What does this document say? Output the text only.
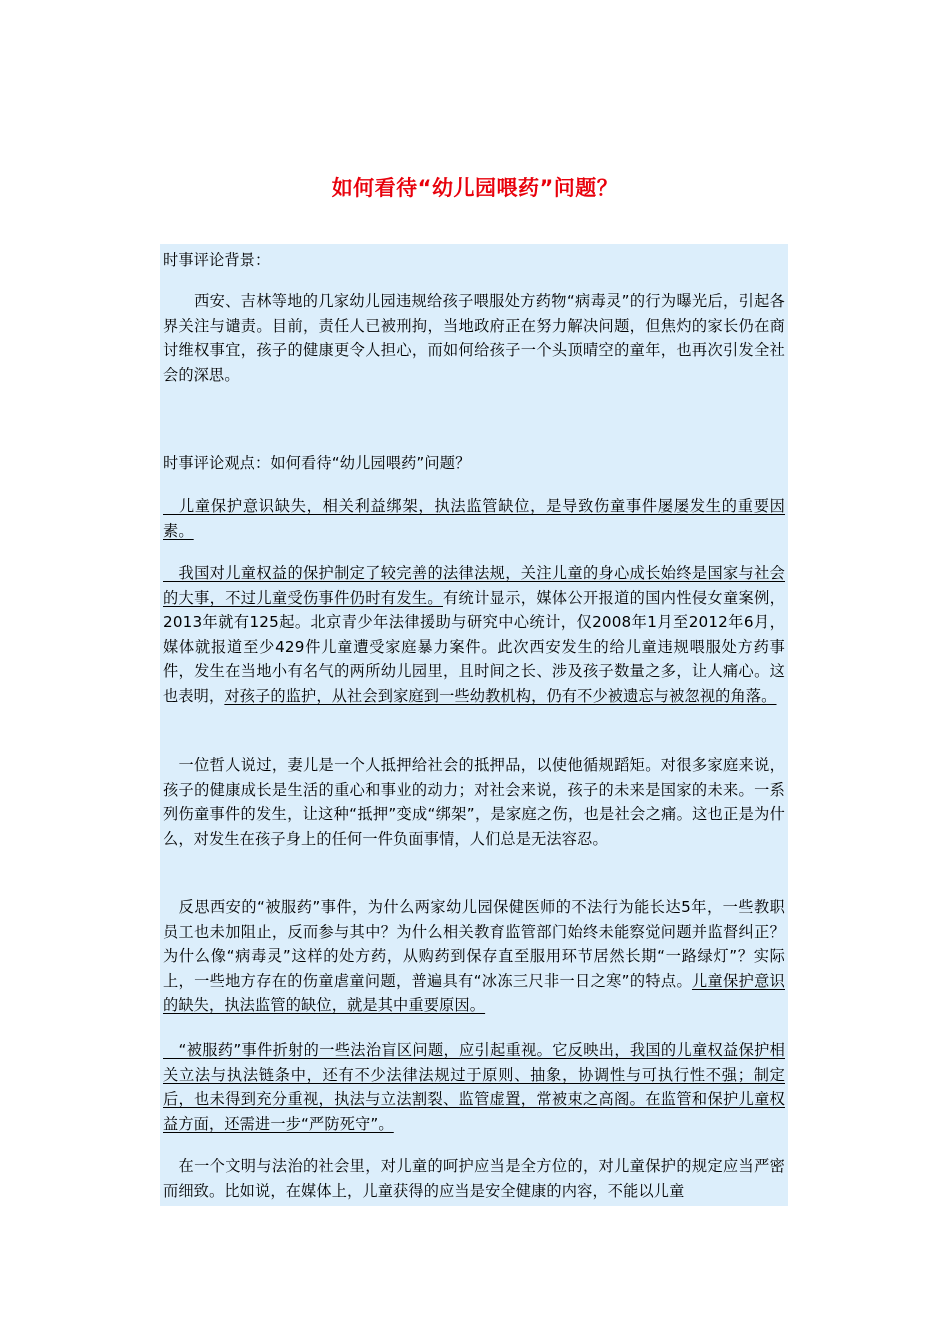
如何看待“幼儿园喂药”问题？

时事评论背景：

　　西安、吉林等地的几家幼儿园违规给孩子喂服处方药物“病毒灵”的行为曝光后，引起各界关注与谴责。目前，责任人已被刑拘，当地政府正在努力解决问题，但焦灼的家长仍在商讨维权事宜，孩子的健康更令人担心，而如何给孩子一个头顶晴空的童年，也再次引发全社会的深思。

时事评论观点：如何看待“幼儿园喂药”问题？

　儿童保护意识缺失，相关利益绑架，执法监管缺位，是导致伤童事件屡屡发生的重要因素。

　我国对儿童权益的保护制定了较完善的法律法规，关注儿童的身心成长始终是国家与社会的大事，不过儿童受伤事件仍时有发生。有统计显示，媒体公开报道的国内性侵女童案例，2013年就有125起。北京青少年法律援助与研究中心统计，仅2008年1月至2012年6月，媒体就报道至少429件儿童遭受家庭暴力案件。此次西安发生的给儿童违规喂服处方药事件，发生在当地小有名气的两所幼儿园里，且时间之长、涉及孩子数量之多，让人痛心。这也表明，对孩子的监护，从社会到家庭到一些幼教机构，仍有不少被遗忘与被忽视的角落。

　一位哲人说过，妻儿是一个人抵押给社会的抵押品，以使他循规蹈矩。对很多家庭来说，孩子的健康成长是生活的重心和事业的动力；对社会来说，孩子的未来是国家的未来。一系列伤童事件的发生，让这种“抵押”变成“绑架”，是家庭之伤，也是社会之痛。这也正是为什么，对发生在孩子身上的任何一件负面事情，人们总是无法容忍。

　反思西安的“被服药”事件，为什么两家幼儿园保健医师的不法行为能长达5年，一些教职员工也未加阻止，反而参与其中？为什么相关教育监管部门始终未能察觉问题并监督纠正？为什么像“病毒灵”这样的处方药，从购药到保存直至服用环节居然长期“一路绿灯”？实际上，一些地方存在的伤童虐童问题，普遍具有“冰冻三尺非一日之寒”的特点。儿童保护意识的缺失，执法监管的缺位，就是其中重要原因。

　“被服药”事件折射的一些法治盲区问题，应引起重视。它反映出，我国的儿童权益保护相关立法与执法链条中，还有不少法律法规过于原则、抽象，协调性与可执行性不强；制定后，也未得到充分重视，执法与立法割裂、监管虚置，常被束之高阁。在监管和保护儿童权益方面，还需进一步“严防死守”。

　在一个文明与法治的社会里，对儿童的呵护应当是全方位的，对儿童保护的规定应当严密而细致。比如说，在媒体上，儿童获得的应当是安全健康的内容，不能以儿童
